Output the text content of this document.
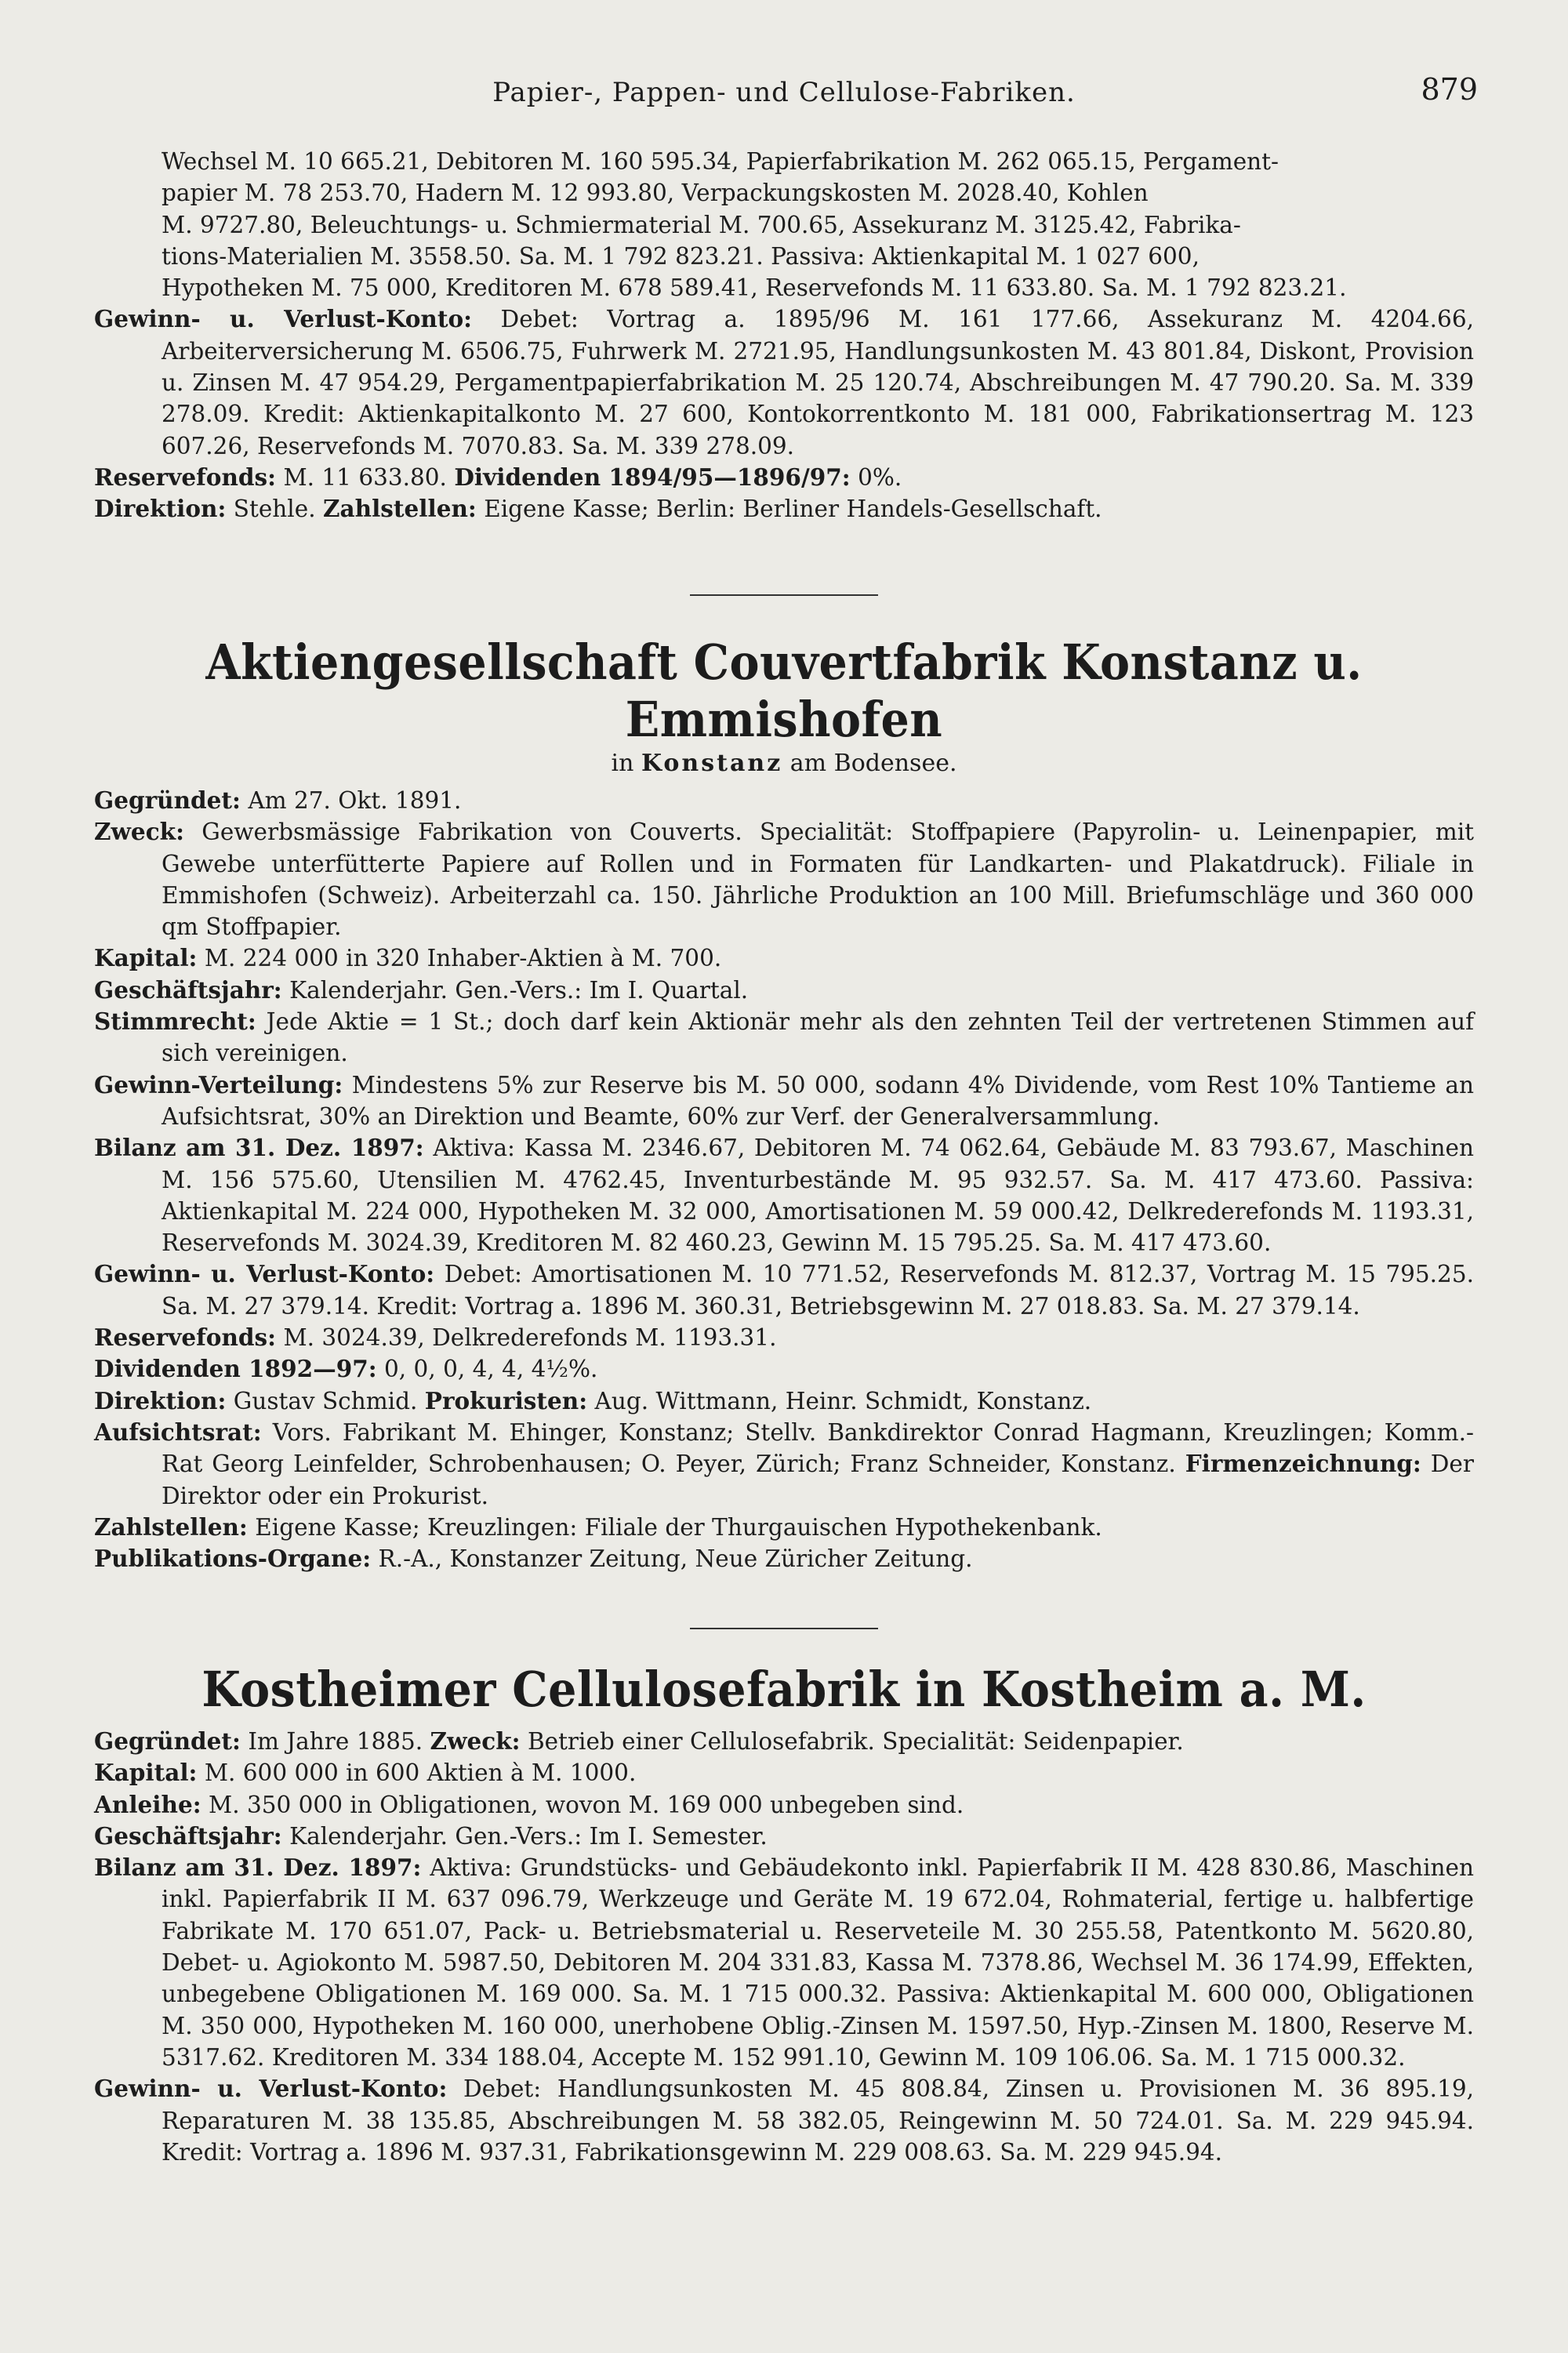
Papier-, Pappen- und Cellulose-Fabriken.	879
Wechsel M. 10 665.21, Debitoren M. 160 595.34, Papierfabrikation M. 262 065.15, Pergament-
papier M. 78 253.70, Hadern M. 12 993.80, Verpackungskosten M. 2028.40, Kohlen
M. 9727.80, Beleuchtungs- u. Schmiermaterial M. 700.65, Assekuranz M. 3125.42, Fabrika-
tions-Materialien M. 3558.50. Sa. M. 1 792 823.21. Passiva: Aktienkapital M. 1 027 600,
Hypotheken M. 75 000, Kreditoren M. 678 589.41, Reservefonds M. 11 633.80. Sa. M. 1 792 823.21.
Gewinn- u. Verlust-Konto: Debet: Vortrag a. 1895/96 M. 161 177.66, Assekuranz M. 4204.66, Arbeiterversicherung M. 6506.75, Fuhrwerk M. 2721.95, Handlungsunkosten M. 43 801.84, Diskont, Provision u. Zinsen M. 47 954.29, Pergamentpapierfabrikation M. 25 120.74, Abschreibungen M. 47 790.20. Sa. M. 339 278.09. Kredit: Aktienkapitalkonto M. 27 600, Kontokorrentkonto M. 181 000, Fabrikationsertrag M. 123 607.26, Reservefonds M. 7070.83. Sa. M. 339 278.09.
Reservefonds: M. 11 633.80. Dividenden 1894/95—1896/97: 0%.
Direktion: Stehle. Zahlstellen: Eigene Kasse; Berlin: Berliner Handels-Gesellschaft.
Aktiengesellschaft Couvertfabrik Konstanz u. Emmishofen
in Konstanz am Bodensee.
Gegründet: Am 27. Okt. 1891.
Zweck: Gewerbsmässige Fabrikation von Couverts. Specialität: Stoffpapiere (Papyrolin- u. Leinenpapier, mit Gewebe unterfütterte Papiere auf Rollen und in Formaten für Landkarten- und Plakatdruck). Filiale in Emmishofen (Schweiz). Arbeiterzahl ca. 150. Jährliche Produktion an 100 Mill. Briefumschläge und 360 000 qm Stoffpapier.
Kapital: M. 224 000 in 320 Inhaber-Aktien à M. 700.
Geschäftsjahr: Kalenderjahr. Gen.-Vers.: Im I. Quartal.
Stimmrecht: Jede Aktie = 1 St.; doch darf kein Aktionär mehr als den zehnten Teil der vertretenen Stimmen auf sich vereinigen.
Gewinn-Verteilung: Mindestens 5% zur Reserve bis M. 50 000, sodann 4% Dividende, vom Rest 10% Tantieme an Aufsichtsrat, 30% an Direktion und Beamte, 60% zur Verf. der Generalversammlung.
Bilanz am 31. Dez. 1897: Aktiva: Kassa M. 2346.67, Debitoren M. 74 062.64, Gebäude M. 83 793.67, Maschinen M. 156 575.60, Utensilien M. 4762.45, Inventurbestände M. 95 932.57. Sa. M. 417 473.60. Passiva: Aktienkapital M. 224 000, Hypotheken M. 32 000, Amortisationen M. 59 000.42, Delkrederefonds M. 1193.31, Reservefonds M. 3024.39, Kreditoren M. 82 460.23, Gewinn M. 15 795.25. Sa. M. 417 473.60.
Gewinn- u. Verlust-Konto: Debet: Amortisationen M. 10 771.52, Reservefonds M. 812.37, Vortrag M. 15 795.25. Sa. M. 27 379.14. Kredit: Vortrag a. 1896 M. 360.31, Betriebsgewinn M. 27 018.83. Sa. M. 27 379.14.
Reservefonds: M. 3024.39, Delkrederefonds M. 1193.31.
Dividenden 1892—97: 0, 0, 0, 4, 4, 4½%.
Direktion: Gustav Schmid. Prokuristen: Aug. Wittmann, Heinr. Schmidt, Konstanz.
Aufsichtsrat: Vors. Fabrikant M. Ehinger, Konstanz; Stellv. Bankdirektor Conrad Hagmann, Kreuzlingen; Komm.-Rat Georg Leinfelder, Schrobenhausen; O. Peyer, Zürich; Franz Schneider, Konstanz. Firmenzeichnung: Der Direktor oder ein Prokurist.
Zahlstellen: Eigene Kasse; Kreuzlingen: Filiale der Thurgauischen Hypothekenbank.
Publikations-Organe: R.-A., Konstanzer Zeitung, Neue Züricher Zeitung.
Kostheimer Cellulosefabrik in Kostheim a. M.
Gegründet: Im Jahre 1885. Zweck: Betrieb einer Cellulosefabrik. Specialität: Seidenpapier.
Kapital: M. 600 000 in 600 Aktien à M. 1000.
Anleihe: M. 350 000 in Obligationen, wovon M. 169 000 unbegeben sind.
Geschäftsjahr: Kalenderjahr. Gen.-Vers.: Im I. Semester.
Bilanz am 31. Dez. 1897: Aktiva: Grundstücks- und Gebäudekonto inkl. Papierfabrik II M. 428 830.86, Maschinen inkl. Papierfabrik II M. 637 096.79, Werkzeuge und Geräte M. 19 672.04, Rohmaterial, fertige u. halbfertige Fabrikate M. 170 651.07, Pack- u. Betriebsmaterial u. Reserveteile M. 30 255.58, Patentkonto M. 5620.80, Debet- u. Agiokonto M. 5987.50, Debitoren M. 204 331.83, Kassa M. 7378.86, Wechsel M. 36 174.99, Effekten, unbegebene Obligationen M. 169 000. Sa. M. 1 715 000.32. Passiva: Aktienkapital M. 600 000, Obligationen M. 350 000, Hypotheken M. 160 000, unerhobene Oblig.-Zinsen M. 1597.50, Hyp.-Zinsen M. 1800, Reserve M. 5317.62. Kreditoren M. 334 188.04, Accepte M. 152 991.10, Gewinn M. 109 106.06. Sa. M. 1 715 000.32.
Gewinn- u. Verlust-Konto: Debet: Handlungsunkosten M. 45 808.84, Zinsen u. Provisionen M. 36 895.19, Reparaturen M. 38 135.85, Abschreibungen M. 58 382.05, Reingewinn M. 50 724.01. Sa. M. 229 945.94. Kredit: Vortrag a. 1896 M. 937.31, Fabrikationsgewinn M. 229 008.63. Sa. M. 229 945.94.
